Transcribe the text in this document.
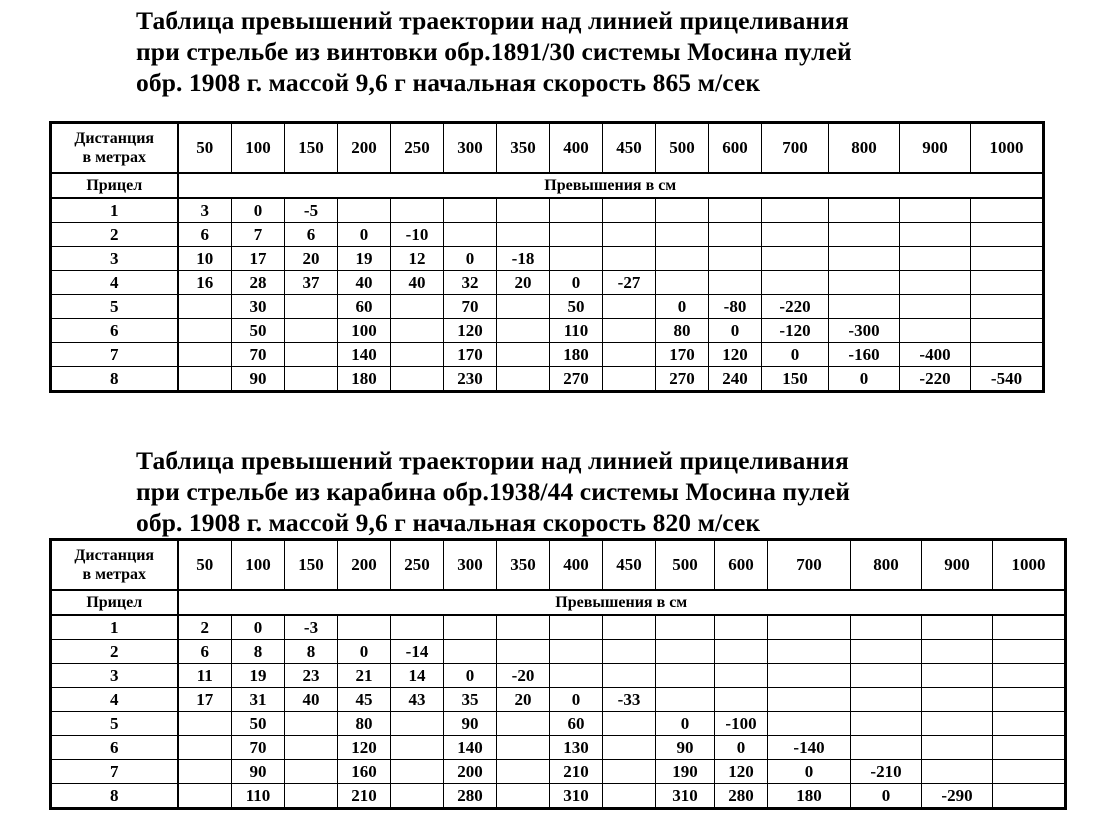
Таблица превышений траектории над линией прицеливания
при стрельбе из винтовки обр.1891/30 системы Мосина пулей
обр. 1908 г. массой 9,6 г начальная скорость 865 м/сек
Дистанция
в метрах	50	100	150	200	250	300	350	400	450	500	600	700	800	900	1000
Прицел	Превышения в см														
1	3	0	-5												
2	6	7	6	0	-10										
3	10	17	20	19	12	0	-18								
4	16	28	37	40	40	32	20	0	-27						
5		30		60		70		50		0	-80	-220			
6		50		100		120		110		80	0	-120	-300		
7		70		140		170		180		170	120	0	-160	-400	
8		90		180		230		270		270	240	150	0	-220	-540
Таблица превышений траектории над линией прицеливания
при стрельбе из карабина обр.1938/44 системы Мосина пулей
обр. 1908 г. массой 9,6 г начальная скорость 820 м/сек
Дистанция
в метрах	50	100	150	200	250	300	350	400	450	500	600	700	800	900	1000
Прицел	Превышения в см														
1	2	0	-3												
2	6	8	8	0	-14										
3	11	19	23	21	14	0	-20								
4	17	31	40	45	43	35	20	0	-33						
5		50		80		90		60		0	-100				
6		70		120		140		130		90	0	-140			
7		90		160		200		210		190	120	0	-210		
8		110		210		280		310		310	280	180	0	-290	
